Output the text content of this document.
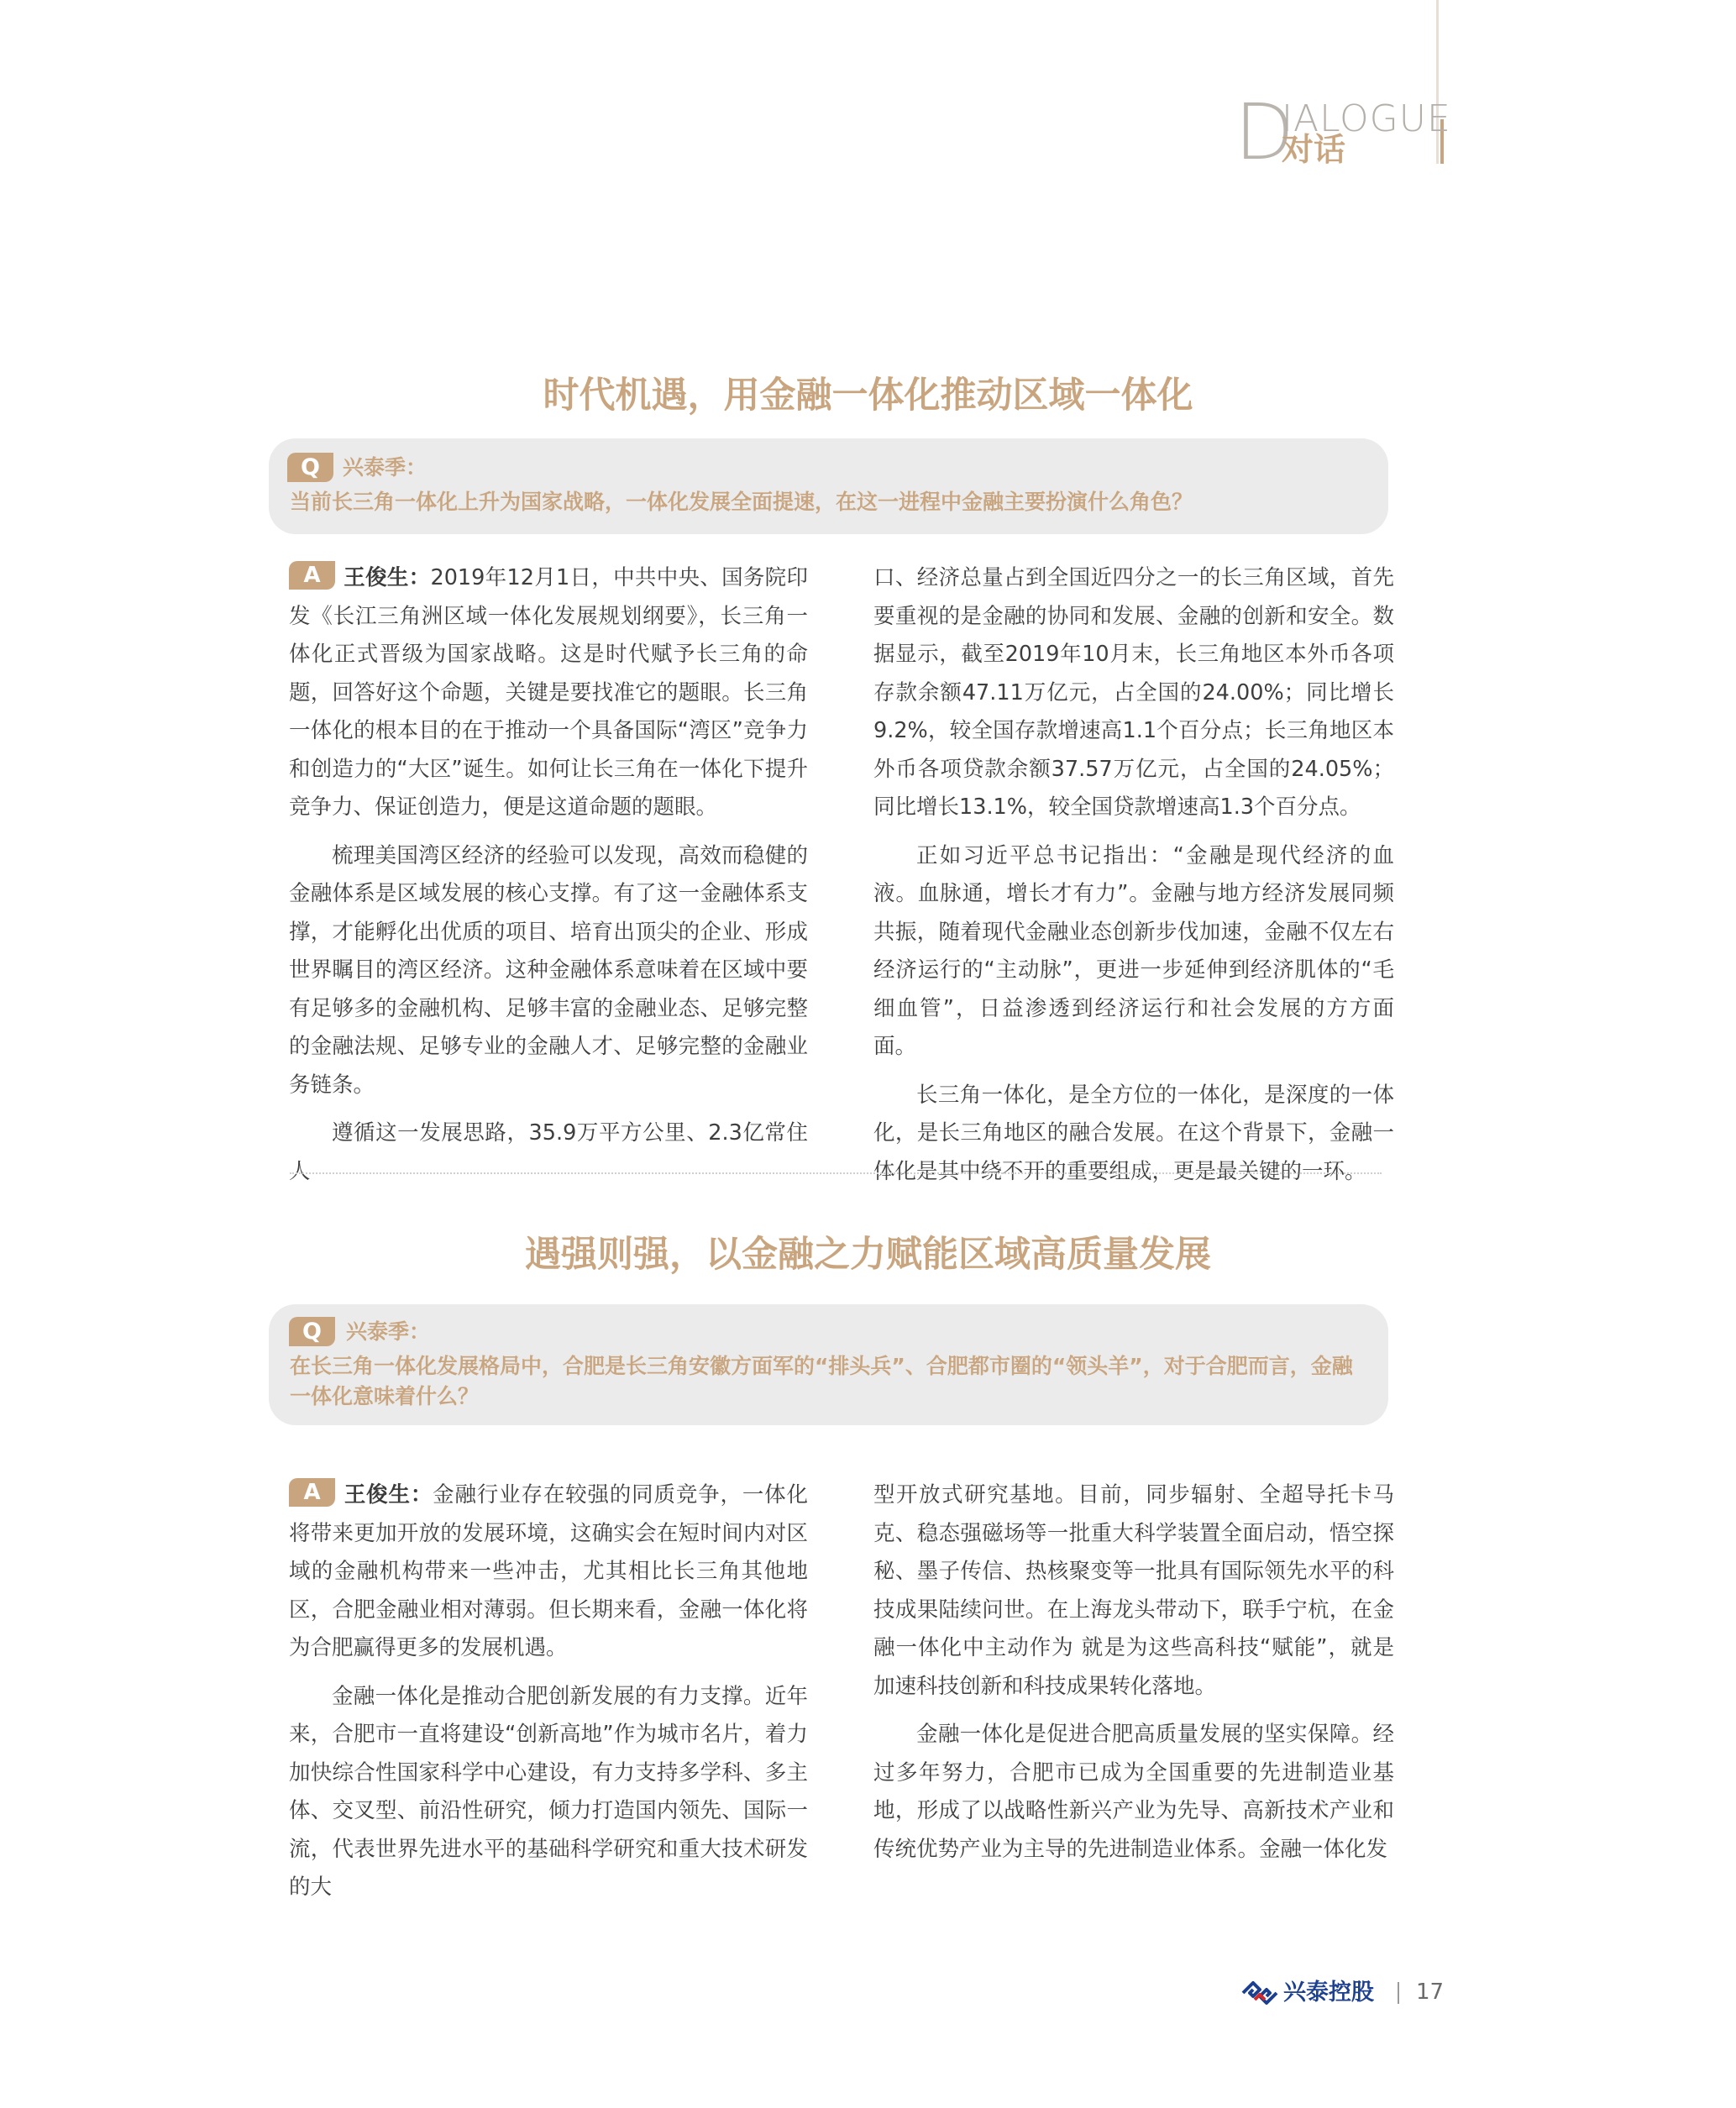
D
IALOGUE
对话
时代机遇，用金融一体化推动区域一体化
Q	兴泰季：
当前长三角一体化上升为国家战略，一体化发展全面提速，在这一进程中金融主要扮演什么角色？

A 王俊生：2019年12月1日，中共中央、国务院印发《长江三角洲区域一体化发展规划纲要》，长三角一体化正式晋级为国家战略。这是时代赋予长三角的命题，回答好这个命题，关键是要找准它的题眼。长三角一体化的根本目的在于推动一个具备国际“湾区”竞争力和创造力的“大区”诞生。如何让长三角在一体化下提升竞争力、保证创造力，便是这道命题的题眼。

梳理美国湾区经济的经验可以发现，高效而稳健的金融体系是区域发展的核心支撑。有了这一金融体系支撑，才能孵化出优质的项目、培育出顶尖的企业、形成世界瞩目的湾区经济。这种金融体系意味着在区域中要有足够多的金融机构、足够丰富的金融业态、足够完整的金融法规、足够专业的金融人才、足够完整的金融业务链条。

遵循这一发展思路，35.9万平方公里、2.3亿常住人

口、经济总量占到全国近四分之一的长三角区域，首先要重视的是金融的协同和发展、金融的创新和安全。数据显示，截至2019年10月末，长三角地区本外币各项存款余额47.11万亿元，占全国的24.00%；同比增长9.2%，较全国存款增速高1.1个百分点；长三角地区本外币各项贷款余额37.57万亿元，占全国的24.05%；同比增长13.1%，较全国贷款增速高1.3个百分点。

正如习近平总书记指出：“金融是现代经济的血液。血脉通，增长才有力”。金融与地方经济发展同频共振，随着现代金融业态创新步伐加速，金融不仅左右经济运行的“主动脉”，更进一步延伸到经济肌体的“毛细血管”，日益渗透到经济运行和社会发展的方方面面。

长三角一体化，是全方位的一体化，是深度的一体化，是长三角地区的融合发展。在这个背景下，金融一体化是其中绕不开的重要组成，更是最关键的一环。

遇强则强，以金融之力赋能区域高质量发展
Q	兴泰季：
在长三角一体化发展格局中，合肥是长三角安徽方面军的“排头兵”、合肥都市圈的“领头羊”，对于合肥而言，金融一体化意味着什么？

A 王俊生：金融行业存在较强的同质竞争，一体化将带来更加开放的发展环境，这确实会在短时间内对区域的金融机构带来一些冲击，尤其相比长三角其他地区，合肥金融业相对薄弱。但长期来看，金融一体化将为合肥赢得更多的发展机遇。

金融一体化是推动合肥创新发展的有力支撑。近年来，合肥市一直将建设“创新高地”作为城市名片，着力加快综合性国家科学中心建设，有力支持多学科、多主体、交叉型、前沿性研究，倾力打造国内领先、国际一流，代表世界先进水平的基础科学研究和重大技术研发的大

型开放式研究基地。目前，同步辐射、全超导托卡马克、稳态强磁场等一批重大科学装置全面启动，悟空探秘、墨子传信、热核聚变等一批具有国际领先水平的科技成果陆续问世。在上海龙头带动下，联手宁杭，在金融一体化中主动作为 就是为这些高科技“赋能”，就是加速科技创新和科技成果转化落地。

金融一体化是促进合肥高质量发展的坚实保障。经过多年努力，合肥市已成为全国重要的先进制造业基地，形成了以战略性新兴产业为先导、高新技术产业和传统优势产业为主导的先进制造业体系。金融一体化发

兴泰控股 17
